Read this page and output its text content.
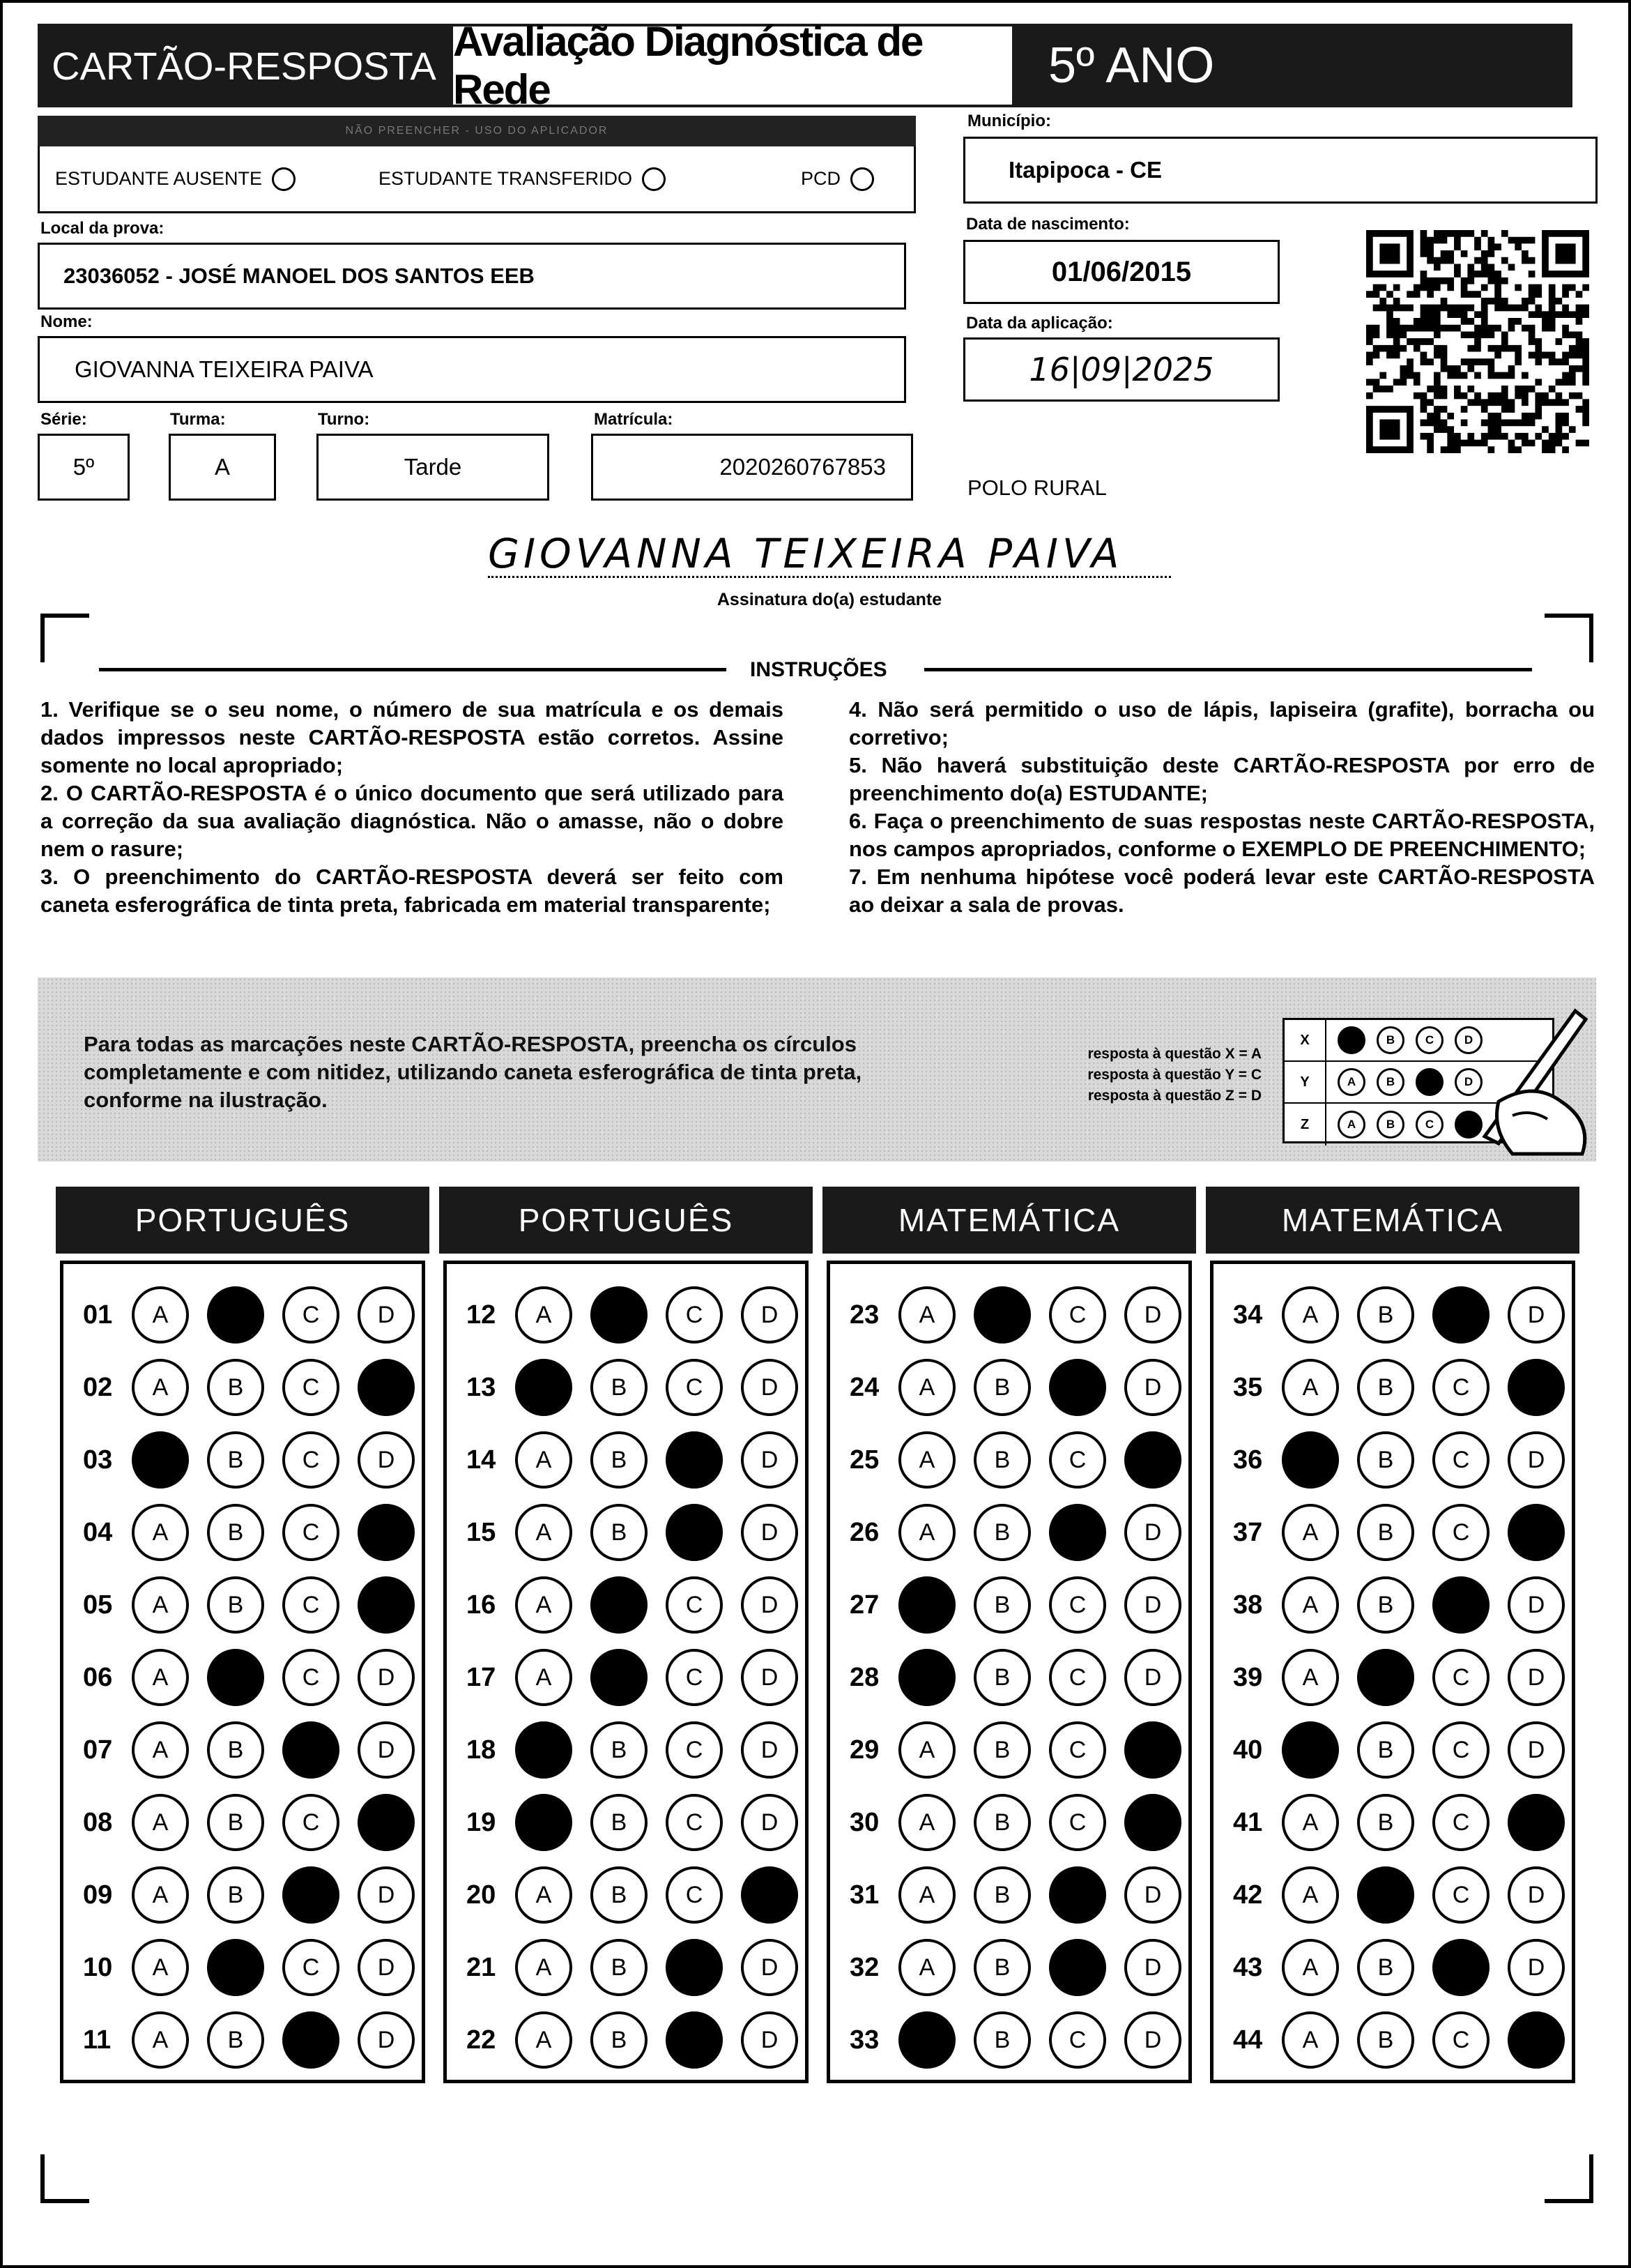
CARTÃO-RESPOSTA
Avaliação Diagnóstica de Rede	5º ANO
NÃO PREENCHER - USO DO APLICADOR
ESTUDANTE AUSENTE	ESTUDANTE TRANSFERIDO	PCD
Local da prova:
23036052 - JOSÉ MANOEL DOS SANTOS EEB
Nome:
GIOVANNA TEIXEIRA PAIVA
Série:
5º
Turma:
A
Turno:
Tarde
Matrícula:
2020260767853
Município:
Itapipoca - CE
Data de nascimento:
01/06/2015
Data da aplicação:
16|09|2025
POLO RURAL
GIOVANNA TEIXEIRA PAIVA
Assinatura do(a) estudante
INSTRUÇÕES
1. Verifique se o seu nome, o número de sua matrícula e os demais dados impressos neste CARTÃO-RESPOSTA estão corretos. Assine somente no local apropriado;
2. O CARTÃO-RESPOSTA é o único documento que será utilizado para a correção da sua avaliação diagnóstica. Não o amasse, não o dobre nem o rasure;
3. O preenchimento do CARTÃO-RESPOSTA deverá ser feito com caneta esferográfica de tinta preta, fabricada em material transparente;
4. Não será permitido o uso de lápis, lapiseira (grafite), borracha ou corretivo;
5. Não haverá substituição deste CARTÃO-RESPOSTA por erro de preenchimento do(a) ESTUDANTE;
6. Faça o preenchimento de suas respostas neste CARTÃO-RESPOSTA, nos campos apropriados, conforme o EXEMPLO DE PREENCHIMENTO;
7. Em nenhuma hipótese você poderá levar este CARTÃO-RESPOSTA ao deixar a sala de provas.
Para todas as marcações neste CARTÃO-RESPOSTA, preencha os círculos completamente e com nitidez, utilizando caneta esferográfica de tinta preta, conforme na ilustração.
resposta à questão X = A
resposta à questão Y = C
resposta à questão Z = D
X	B	C	D
Y	A	B	D
Z	A	B	C
PORTUGUÊS
01	A	C	D
02	A	B	C
03	B	C	D
04	A	B	C
05	A	B	C
06	A	C	D
07	A	B	D
08	A	B	C
09	A	B	D
10	A	C	D
11	A	B	D
PORTUGUÊS
12	A	C	D
13	B	C	D
14	A	B	D
15	A	B	D
16	A	C	D
17	A	C	D
18	B	C	D
19	B	C	D
20	A	B	C
21	A	B	D
22	A	B	D
MATEMÁTICA
23	A	C	D
24	A	B	D
25	A	B	C
26	A	B	D
27	B	C	D
28	B	C	D
29	A	B	C
30	A	B	C
31	A	B	D
32	A	B	D
33	B	C	D
MATEMÁTICA
34	A	B	D
35	A	B	C
36	B	C	D
37	A	B	C
38	A	B	D
39	A	C	D
40	B	C	D
41	A	B	C
42	A	C	D
43	A	B	D
44	A	B	C
